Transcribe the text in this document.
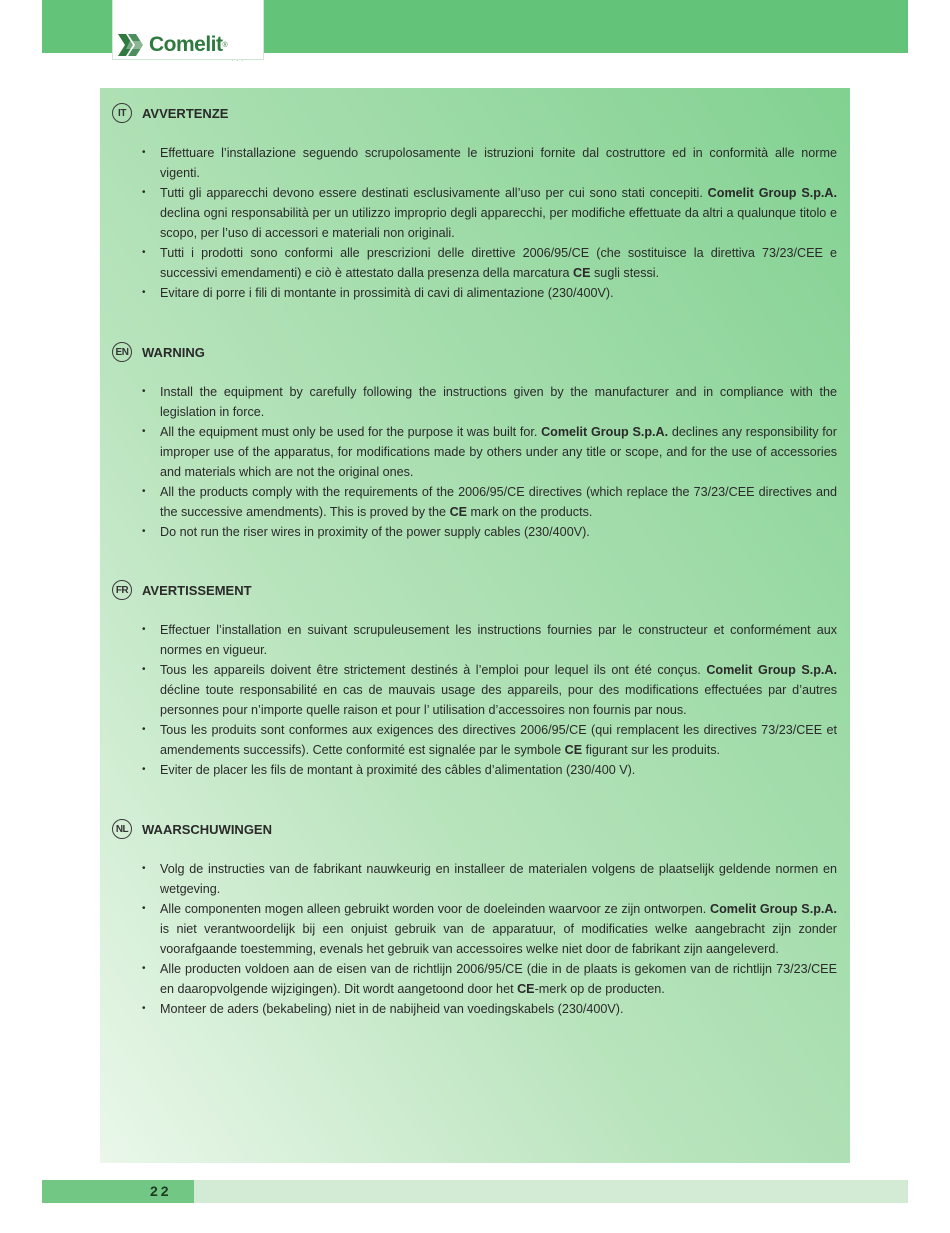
Comelit ®
...
IT	AVVERTENZE
• Effettuare l’installazione seguendo scrupolosamente le istruzioni fornite dal costruttore ed in conformità alle norme vigenti.
• Tutti gli apparecchi devono essere destinati esclusivamente all’uso per cui sono stati concepiti. Comelit Group S.p.A. declina ogni responsabilità per un utilizzo improprio degli apparecchi, per modifiche effettuate da altri a qualunque titolo e scopo, per l’uso di accessori e materiali non originali.
• Tutti i prodotti sono conformi alle prescrizioni delle direttive 2006/95/CE (che sostituisce la direttiva 73/23/CEE e successivi emendamenti) e ciò è attestato dalla presenza della marcatura CE sugli stessi.
• Evitare di porre i fili di montante in prossimità di cavi di alimentazione (230/400V).
EN WARNING
• Install the equipment by carefully following the instructions given by the manufacturer and in compliance with the legislation in force.
• All the equipment must only be used for the purpose it was built for. Comelit Group S.p.A. declines any responsibility for improper use of the apparatus, for modifications made by others under any title or scope, and for the use of accessories and materials which are not the original ones.
• All the products comply with the requirements of the 2006/95/CE directives (which replace the 73/23/CEE directives and the successive amendments). This is proved by the CE mark on the products.
• Do not run the riser wires in proximity of the power supply cables (230/400V).
FR AVERTISSEMENT
• Effectuer l’installation en suivant scrupuleusement les instructions fournies par le constructeur et conformément aux normes en vigueur.
• Tous les appareils doivent être strictement destinés à l’emploi pour lequel ils ont été conçus. Comelit Group S.p.A. décline toute responsabilité en cas de mauvais usage des appareils, pour des modifications effectuées par d’autres personnes pour n’importe quelle raison et pour l’ utilisation d’accessoires non fournis par nous.
• Tous les produits sont conformes aux exigences des directives 2006/95/CE (qui remplacent les directives 73/23/CEE et amendements successifs). Cette conformité est signalée par le symbole CE figurant sur les produits.
• Eviter de placer les fils de montant à proximité des câbles d’alimentation (230/400 V).
NL WAARSCHUWINGEN
• Volg de instructies van de fabrikant nauwkeurig en installeer de materialen volgens de plaatselijk geldende normen en wetgeving.
• Alle componenten mogen alleen gebruikt worden voor de doeleinden waarvoor ze zijn ontworpen. Comelit Group S.p.A. is niet verantwoordelijk bij een onjuist gebruik van de apparatuur, of modificaties welke aangebracht zijn zonder voorafgaande toestemming, evenals het gebruik van accessoires welke niet door de fabrikant zijn aangeleverd.
• Alle producten voldoen aan de eisen van de richtlijn 2006/95/CE (die in de plaats is gekomen van de richtlijn 73/23/CEE en daaropvolgende wijzigingen). Dit wordt aangetoond door het CE-merk op de producten.
• Monteer de aders (bekabeling) niet in de nabijheid van voedingskabels (230/400V).
22
